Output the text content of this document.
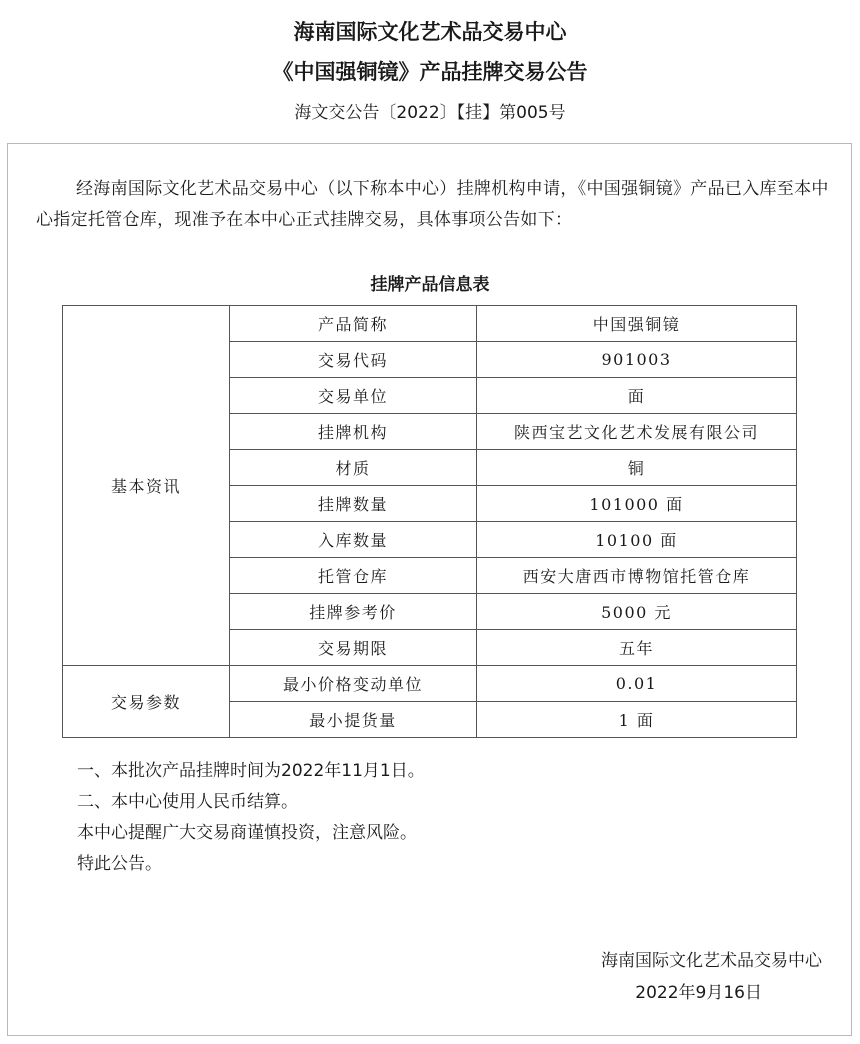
海南国际文化艺术品交易中心
《中国强铜镜》产品挂牌交易公告
海文交公告〔2022〕【挂】第005号
经海南国际文化艺术品交易中心（以下称本中心）挂牌机构申请，《中国强铜镜》产品已入库至本中心指定托管仓库，现准予在本中心正式挂牌交易，具体事项公告如下：
挂牌产品信息表
基本资讯	产品简称	中国强铜镜
	交易代码	901003
	交易单位	面
	挂牌机构	陕西宝艺文化艺术发展有限公司
	材质	铜
	挂牌数量	101000 面
	入库数量	10100 面
	托管仓库	西安大唐西市博物馆托管仓库
	挂牌参考价	5000 元
	交易期限	五年
交易参数	最小价格变动单位	0.01
	最小提货量	1 面
一、本批次产品挂牌时间为2022年11月1日。
二、本中心使用人民币结算。
本中心提醒广大交易商谨慎投资，注意风险。
特此公告。
海南国际文化艺术品交易中心
2022年9月16日
